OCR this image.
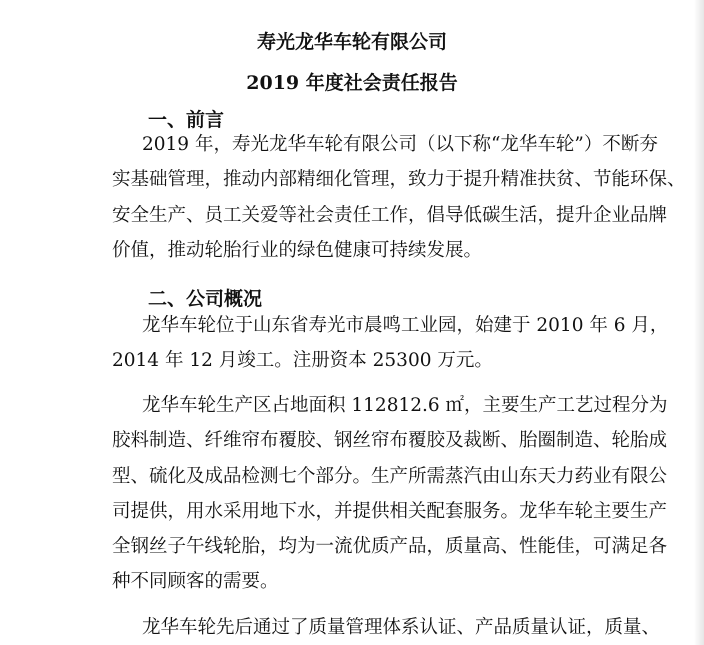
寿光龙华车轮有限公司
2019 年度社会责任报告
一、前言
2019 年，寿光龙华车轮有限公司（以下称“龙华车轮”）不断夯
实基础管理，推动内部精细化管理，致力于提升精准扶贫、节能环保、
安全生产、员工关爱等社会责任工作，倡导低碳生活，提升企业品牌
价值，推动轮胎行业的绿色健康可持续发展。
二、公司概况
龙华车轮位于山东省寿光市晨鸣工业园，始建于 2010 年 6 月，
2014 年 12 月竣工。注册资本 25300 万元。
龙华车轮生产区占地面积 112812.6 ㎡，主要生产工艺过程分为
胶料制造、纤维帘布覆胶、钢丝帘布覆胶及裁断、胎圈制造、轮胎成
型、硫化及成品检测七个部分。生产所需蒸汽由山东天力药业有限公
司提供，用水采用地下水，并提供相关配套服务。龙华车轮主要生产
全钢丝子午线轮胎，均为一流优质产品，质量高、性能佳，可满足各
种不同顾客的需要。
龙华车轮先后通过了质量管理体系认证、产品质量认证，质量、
